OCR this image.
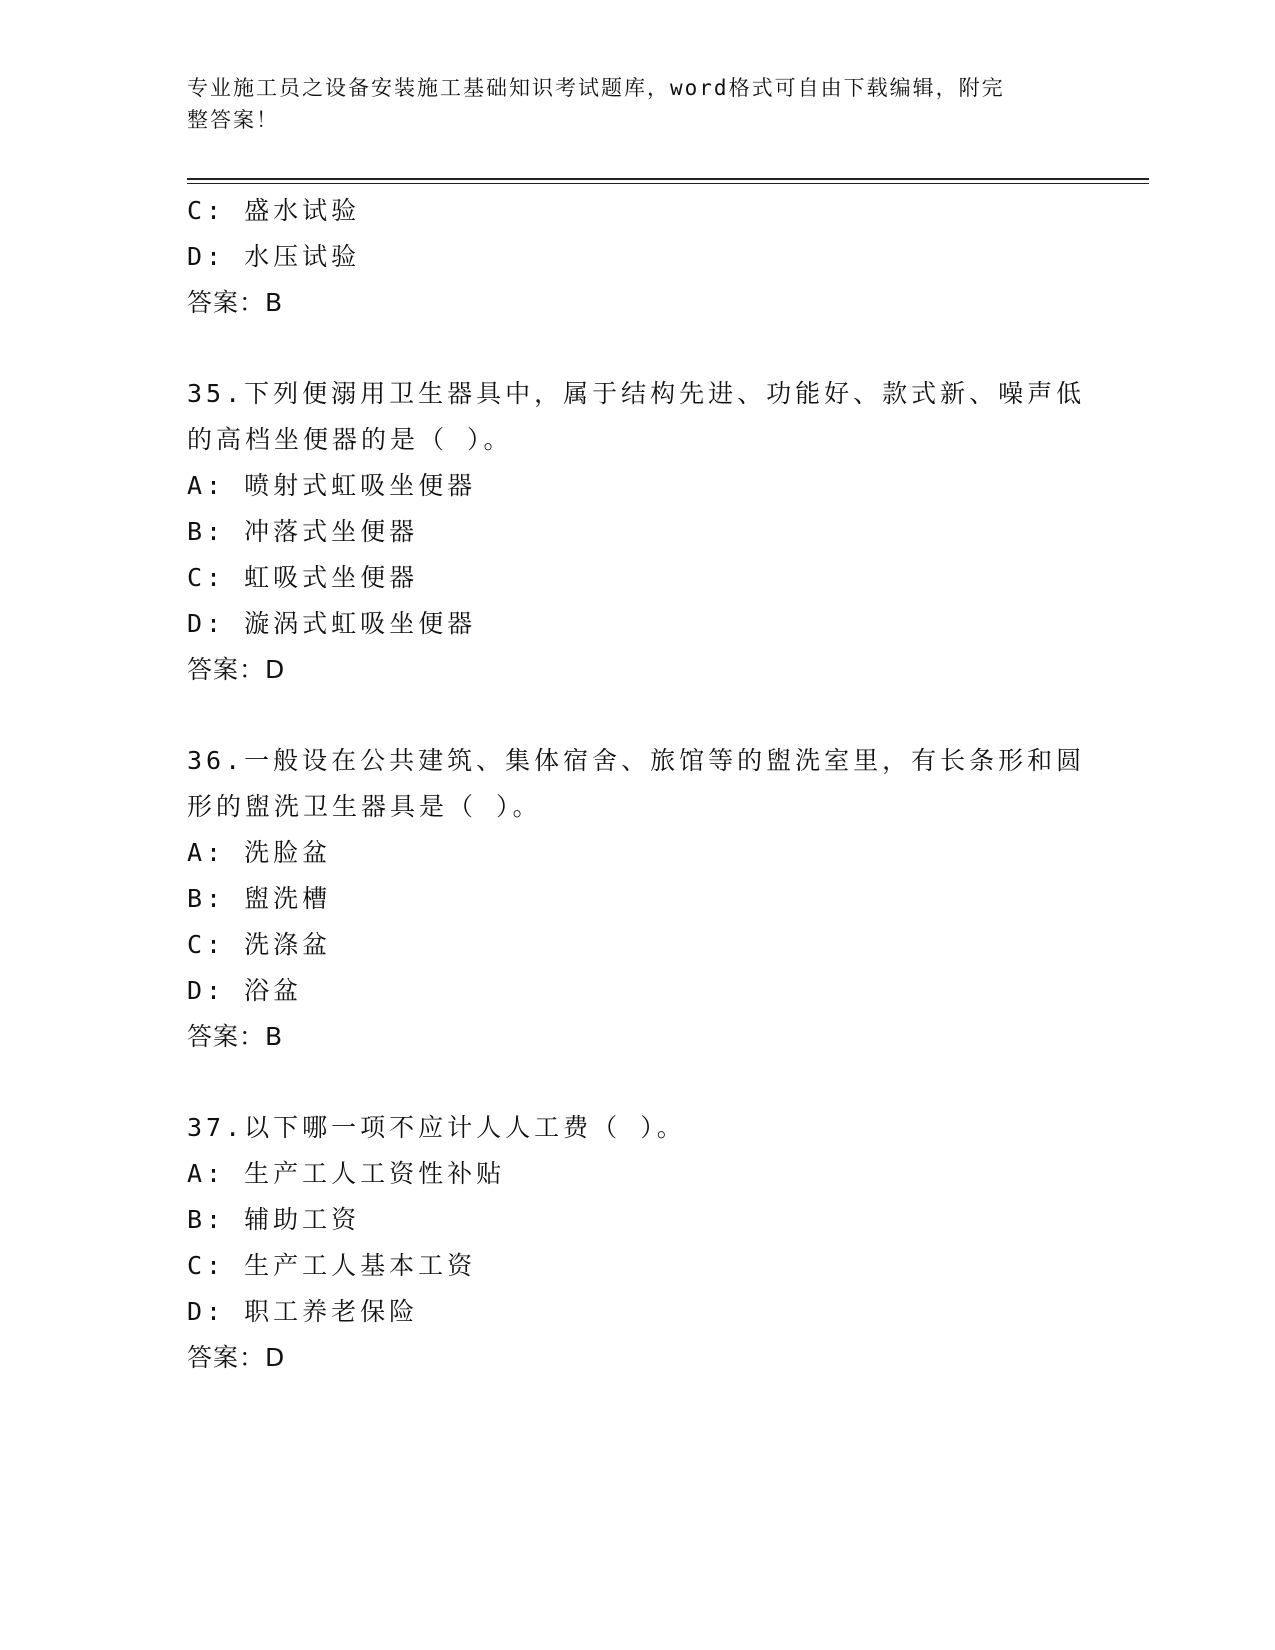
专业施工员之设备安装施工基础知识考试题库，word格式可自由下载编辑，附完
整答案！
C: 盛水试验
D: 水压试验
答案：B
35.下列便溺用卫生器具中，属于结构先进、功能好、款式新、噪声低
的高档坐便器的是（ ）。
A: 喷射式虹吸坐便器
B: 冲落式坐便器
C: 虹吸式坐便器
D: 漩涡式虹吸坐便器
答案：D
36.一般设在公共建筑、集体宿舍、旅馆等的盥洗室里，有长条形和圆
形的盥洗卫生器具是（ ）。
A: 洗脸盆
B: 盥洗槽
C: 洗涤盆
D: 浴盆
答案：B
37.以下哪一项不应计人人工费（ ）。
A: 生产工人工资性补贴
B: 辅助工资
C: 生产工人基本工资
D: 职工养老保险
答案：D
